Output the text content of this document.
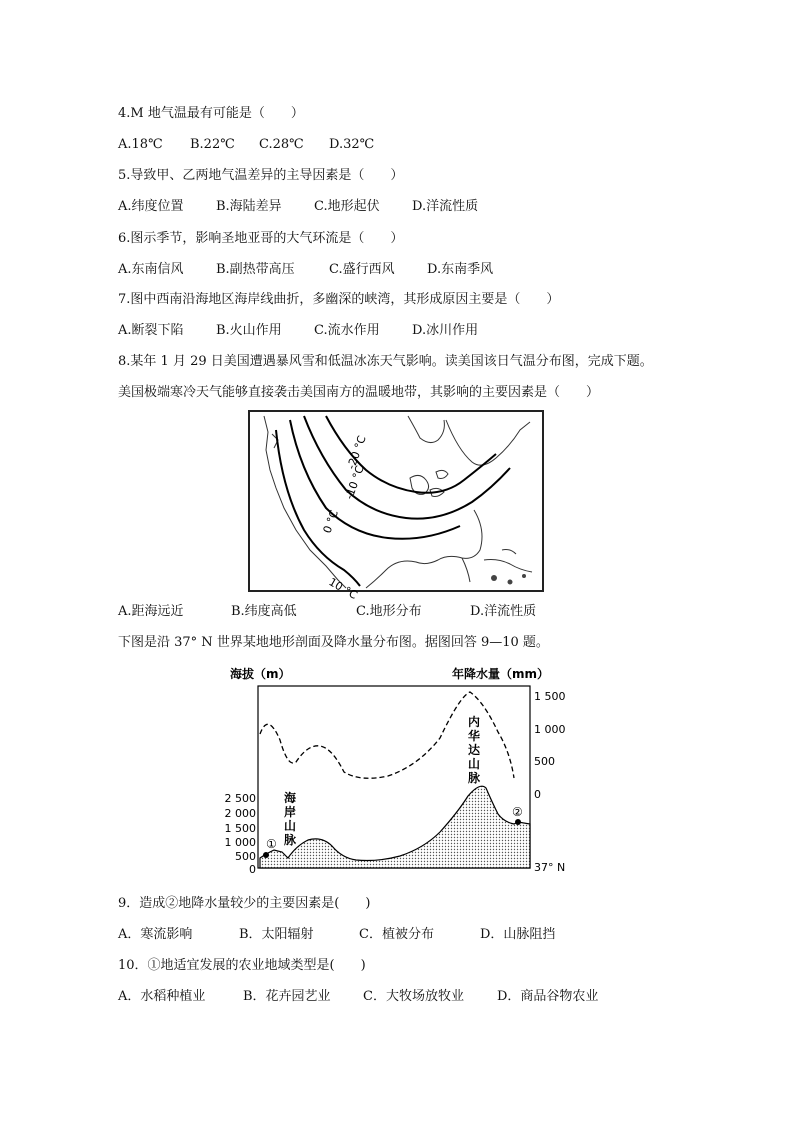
4.M 地气温最有可能是（　　）
A.18℃ B.22℃ C.28℃ D.32℃
5.导致甲、乙两地气温差异的主导因素是（　　）
A.纬度位置 B.海陆差异 C.地形起伏 D.洋流性质
6.图示季节，影响圣地亚哥的大气环流是（　　）
A.东南信风 B.副热带高压	C.盛行西风 D.东南季风
7.图中西南沿海地区海岸线曲折，多幽深的峡湾，其形成原因主要是（　　）
A.断裂下陷 B.火山作用 C.流水作用 D.冰川作用
8.某年 1 月 29 日美国遭遇暴风雪和低温冰冻天气影响。读美国该日气温分布图，完成下题。
美国极端寒冷天气能够直接袭击美国南方的温暖地带，其影响的主要因素是（　　）
-20 °C
-10 °C
0 °C
10 °C
A.距海远近	B.纬度高低	C.地形分布	D.洋流性质
下图是沿 37° N 世界某地地形剖面及降水量分布图。据图回答 9—10 题。
海拔（m）	年降水量（mm）
①
②
2 500
2 000
1 500
1 000
500
0
1 500
1 000
500
0
37° N
海
岸
山
脉
内
华
达
山
脉
9．造成②地降水量较少的主要因素是(　　)
A．寒流影响	B．太阳辐射	C．植被分布	D．山脉阻挡
10．①地适宜发展的农业地域类型是(　　)
A．水稻种植业	B．花卉园艺业 C．大牧场放牧业	D．商品谷物农业
